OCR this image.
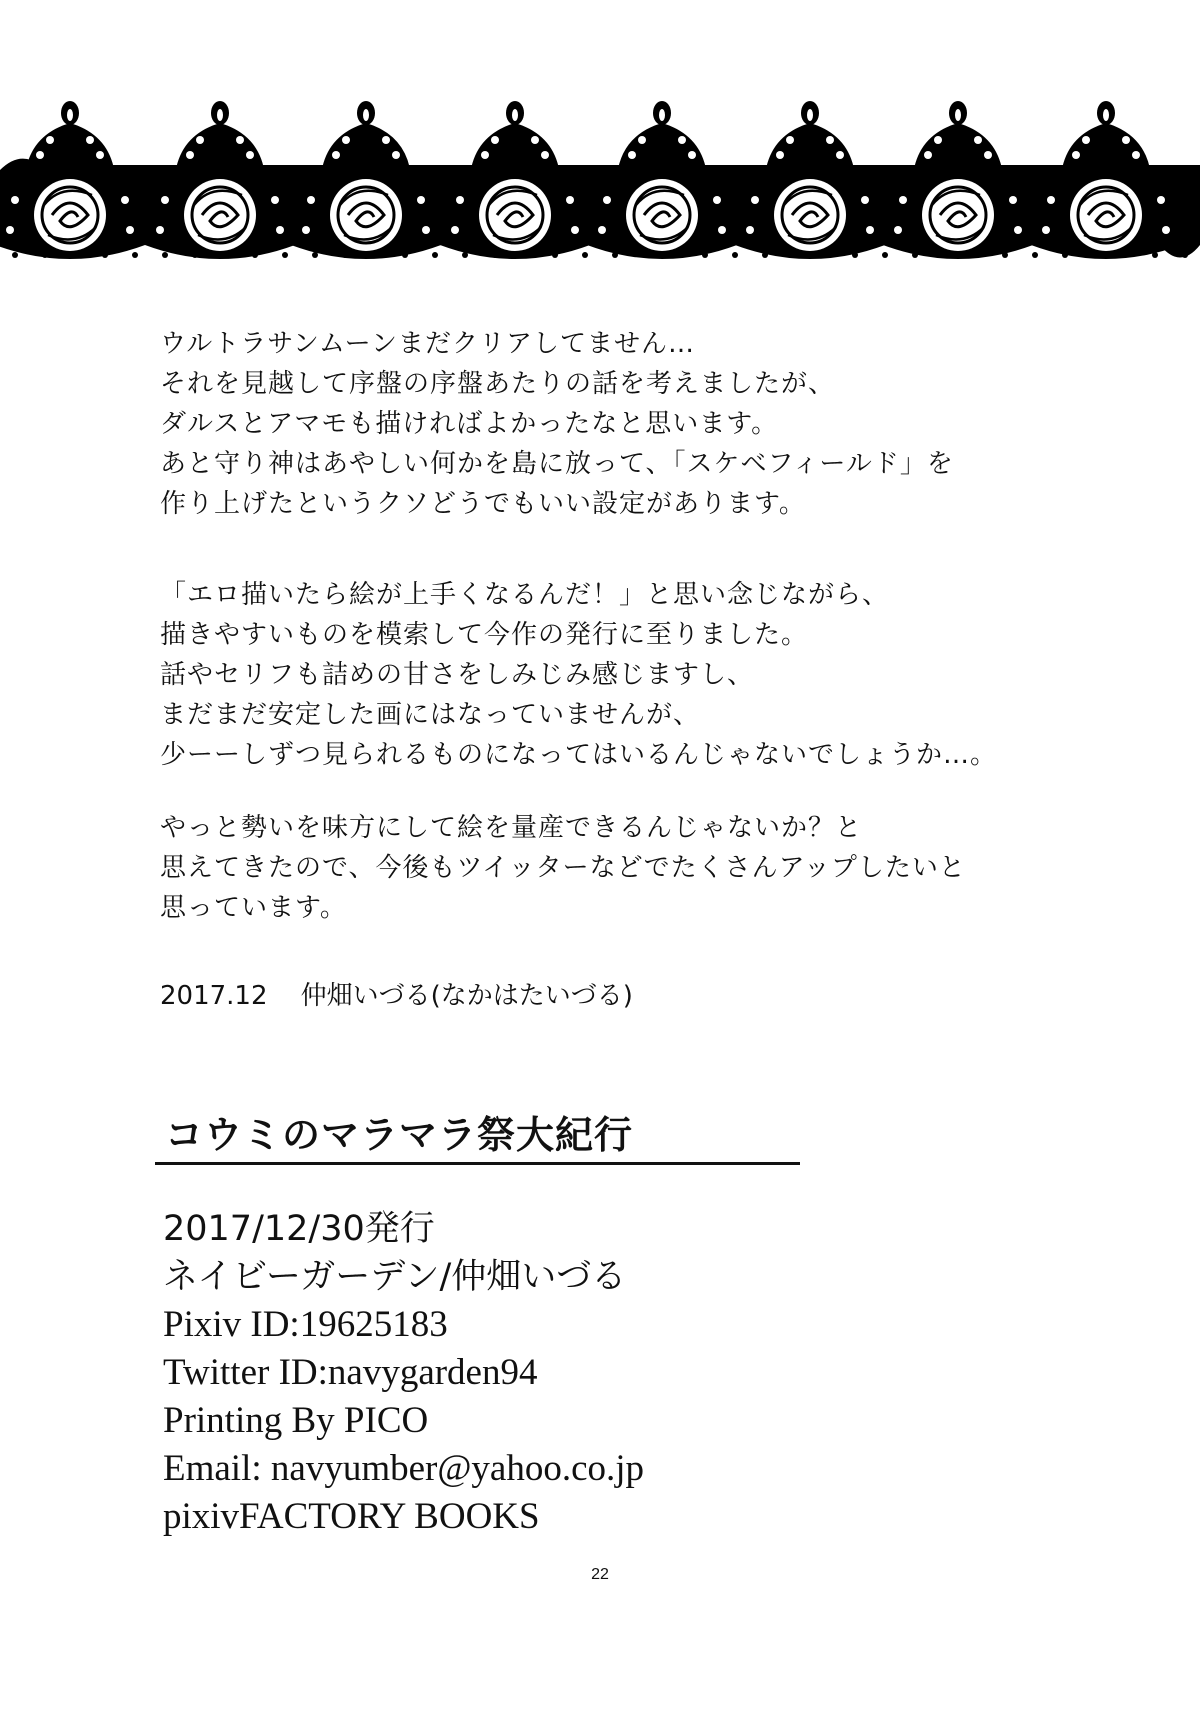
ウルトラサンムーンまだクリアしてません…
それを見越して序盤の序盤あたりの話を考えましたが、
ダルスとアマモも描ければよかったなと思います。
あと守り神はあやしい何かを島に放って、「スケベフィールド」を
作り上げたというクソどうでもいい設定があります。
「エロ描いたら絵が上手くなるんだ！」と思い念じながら、
描きやすいものを模索して今作の発行に至りました。
話やセリフも詰めの甘さをしみじみ感じますし、
まだまだ安定した画にはなっていませんが、
少ーーしずつ見られるものになってはいるんじゃないでしょうか…。
やっと勢いを味方にして絵を量産できるんじゃないか？と
思えてきたので、今後もツイッターなどでたくさんアップしたいと
思っています。
2017.12 仲畑いづる(なかはたいづる)
コウミのマラマラ祭大紀行
2017/12/30発行
ネイビーガーデン/仲畑いづる
Pixiv ID:19625183
Twitter ID:navygarden94
Printing By PICO
Email: navyumber@yahoo.co.jp
pixivFACTORY BOOKS
22
